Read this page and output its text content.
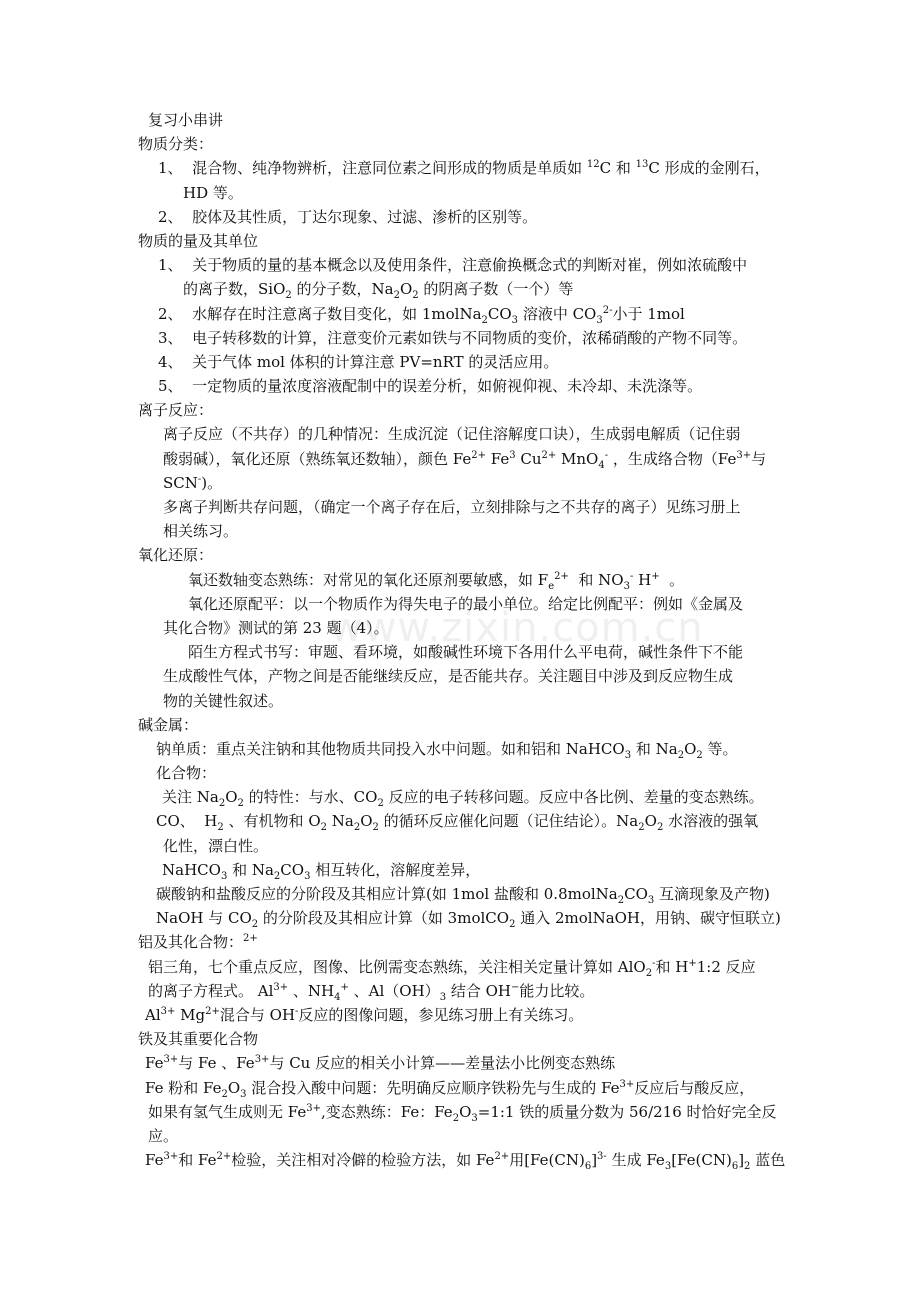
复习小串讲
物质分类：
1、  混合物、纯净物辨析，注意同位素之间形成的物质是单质如 $^{12}$C 和 $^{13}$C 形成的金刚石，
HD 等。
2、  胶体及其性质，丁达尔现象、过滤、渗析的区别等。
物质的量及其单位
1、  关于物质的量的基本概念以及使用条件，注意偷换概念式的判断对崔，例如浓硫酸中
的离子数，SiO$_2$ 的分子数，$Na_2O_2$ 的阴离子数（一个）等
2、  水解存在时注意离子数目变化，如 $1molNa_2CO_3$ 溶液中 $CO_3^{2-}$小于 1mol
3、  电子转移数的计算，注意变价元素如铁与不同物质的变价，浓稀硝酸的产物不同等。
4、  关于气体 mol 体积的计算注意 PV=nRT 的灵活应用。
5、  一定物质的量浓度溶液配制中的误差分析，如俯视仰视、未冷却、未洗涤等。
离子反应：
离子反应（不共存）的几种情况：生成沉淀（记住溶解度口诀），生成弱电解质（记住弱
酸弱碱），氧化还原（熟练氧还数轴），颜色 $Fe^{2+}$ Fe$^3$ $Cu^{2+}$ MnO$_4$- ，生成络合物（$Fe^{3+}$与
SCN-)。
多离子判断共存问题，（确定一个离子存在后，立刻排除与之不共存的离子）见练习册上
相关练习。
氧化还原：
氧还数轴变态熟练：对常见的氧化还原剂要敏感，如 $F_e^{2+}$  和 $NO_3^-$ H+  。
氧化还原配平：以一个物质作为得失电子的最小单位。给定比例配平：例如《金属及
其化合物》测试的第 23 题（4）。
陌生方程式书写：审题、看环境，如酸碱性环境下各用什么平电荷，碱性条件下不能
生成酸性气体，产物之间是否能继续反应，是否能共存。关注题目中涉及到反应物生成
物的关键性叙述。
碱金属：
钠单质：重点关注钠和其他物质共同投入水中问题。如和铝和 NaHCO$_3$ 和 $Na_2O_2$ 等。
化合物：
关注 $Na_2O_2$ 的特性：与水、$CO_2$ 反应的电子转移问题。反应中各比例、差量的变态熟练。
CO、  $H_2$ 、有机物和 $O_2$ $Na_2O_2$ 的循环反应催化问题（记住结论）。$Na_2O_2$ 水溶液的强氧
化性，漂白性。
NaHCO$_3$ 和 $Na_2CO_3$ 相互转化，溶解度差异，
碳酸钠和盐酸反应的分阶段及其相应计算(如 1mol 盐酸和 $0.8molNa_2CO_3$ 互滴现象及产物)
NaOH 与 $CO_2$ 的分阶段及其相应计算（如 3molCO$_2$ 通入 2molNaOH，用钠、碳守恒联立)
铝及其化合物：$^{2+}$
铝三角，七个重点反应，图像、比例需变态熟练，关注相关定量计算如 AlO$_2$-和 H+1:2 反应
的离子方程式。 $Al^{3+}$ 、$NH_4^+$ 、$Al(OH)_3$ 结合 OH−能力比较。
$Al^{3+}$ $Mg^{2+}$混合与 OH-反应的图像问题，参见练习册上有关练习。
铁及其重要化合物
$Fe^{3+}$与 Fe 、$Fe^{3+}$与 Cu 反应的相关小计算——差量法小比例变态熟练
Fe 粉和 $Fe_2O_3$ 混合投入酸中问题：先明确反应顺序铁粉先与生成的 $Fe^{3+}$反应后与酸反应，
如果有氢气生成则无 $Fe^{3+}$,变态熟练：Fe：$Fe_2O_3=1:1$ 铁的质量分数为 56/216 时恰好完全反
应。
$Fe^{3+}$和 $Fe^{2+}$检验，关注相对冷僻的检验方法，如 $Fe^{2+}$用$[Fe(CN)_6]^{3-}$ 生成 $Fe_3[Fe(CN)_6]_2$ 蓝色
www.zixin.com.cn
